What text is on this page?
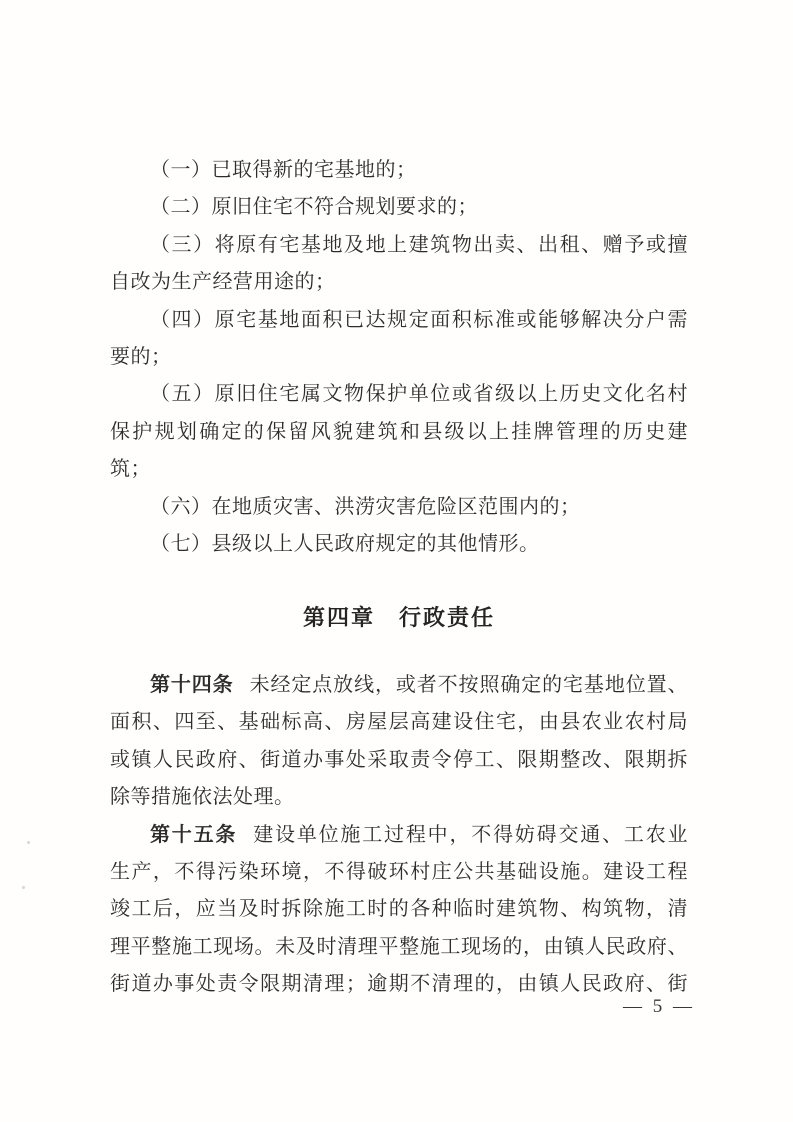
（一）已取得新的宅基地的；
（二）原旧住宅不符合规划要求的；
（三）将原有宅基地及地上建筑物出卖、出租、赠予或擅
自改为生产经营用途的；
（四）原宅基地面积已达规定面积标准或能够解决分户需
要的；
（五）原旧住宅属文物保护单位或省级以上历史文化名村
保护规划确定的保留风貌建筑和县级以上挂牌管理的历史建
筑；
（六）在地质灾害、洪涝灾害危险区范围内的；
（七）县级以上人民政府规定的其他情形。
第四章　行政责任
第十四条 未经定点放线，或者不按照确定的宅基地位置、
面积、四至、基础标高、房屋层高建设住宅，由县农业农村局
或镇人民政府、街道办事处采取责令停工、限期整改、限期拆
除等措施依法处理。
第十五条 建设单位施工过程中，不得妨碍交通、工农业
生产，不得污染环境，不得破环村庄公共基础设施。建设工程
竣工后，应当及时拆除施工时的各种临时建筑物、构筑物，清
理平整施工现场。未及时清理平整施工现场的，由镇人民政府、
街道办事处责令限期清理；逾期不清理的，由镇人民政府、街
— 5 —
